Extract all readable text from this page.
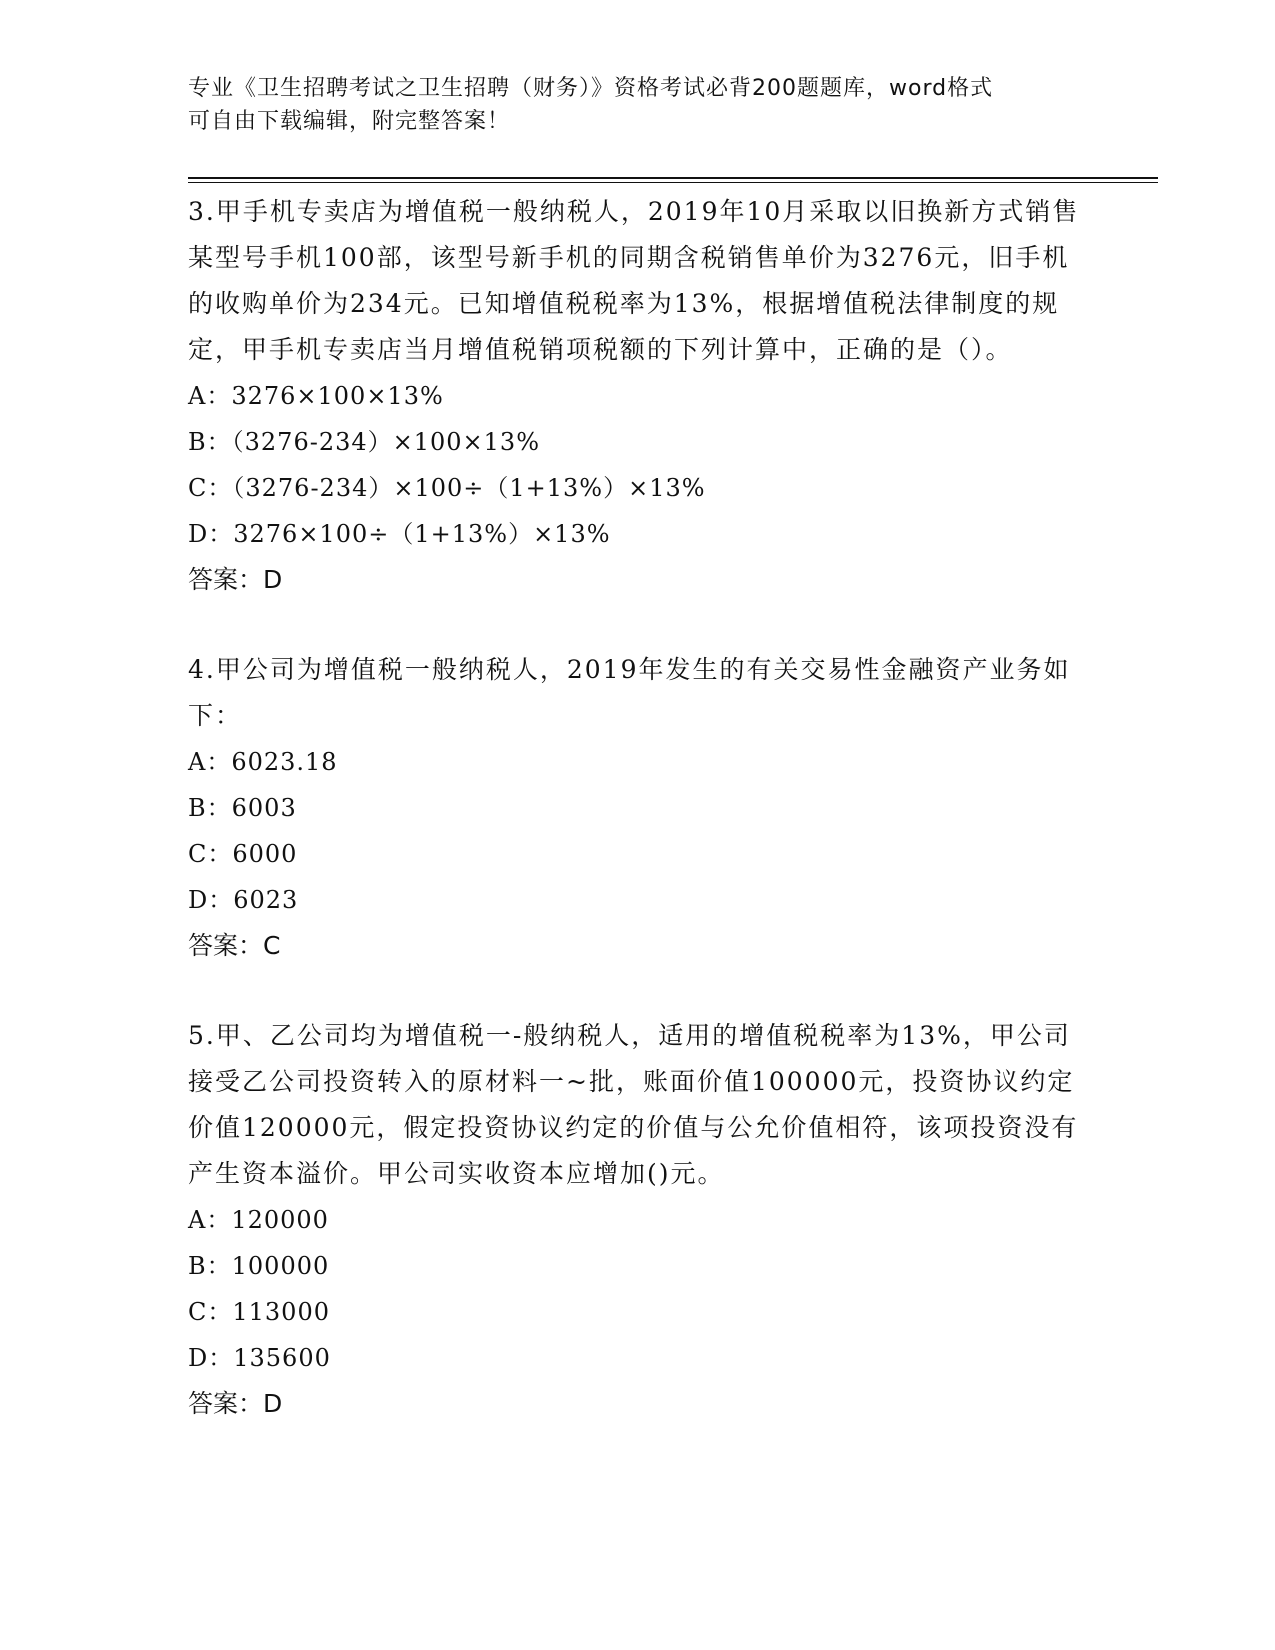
专业《卫生招聘考试之卫生招聘（财务）》资格考试必背200题题库，word格式
可自由下载编辑，附完整答案！

3.甲手机专卖店为增值税一般纳税人，2019年10月采取以旧换新方式销售某型号手机100部，该型号新手机的同期含税销售单价为3276元，旧手机的收购单价为234元。已知增值税税率为13%，根据增值税法律制度的规定，甲手机专卖店当月增值税销项税额的下列计算中，正确的是（）。

A：3276×100×13%

B：（3276-234）×100×13%

C：（3276-234）×100÷（1+13%）×13%

D：3276×100÷（1+13%）×13%

答案：D

4.甲公司为增值税一般纳税人，2019年发生的有关交易性金融资产业务如下：

A：6023.18

B：6003

C：6000

D：6023

答案：C

5.甲、乙公司均为增值税一-般纳税人，适用的增值税税率为13%，甲公司接受乙公司投资转入的原材料一~批，账面价值100000元，投资协议约定价值120000元，假定投资协议约定的价值与公允价值相符，该项投资没有产生资本溢价。甲公司实收资本应增加()元。

A：120000

B：100000

C：113000

D：135600

答案：D
